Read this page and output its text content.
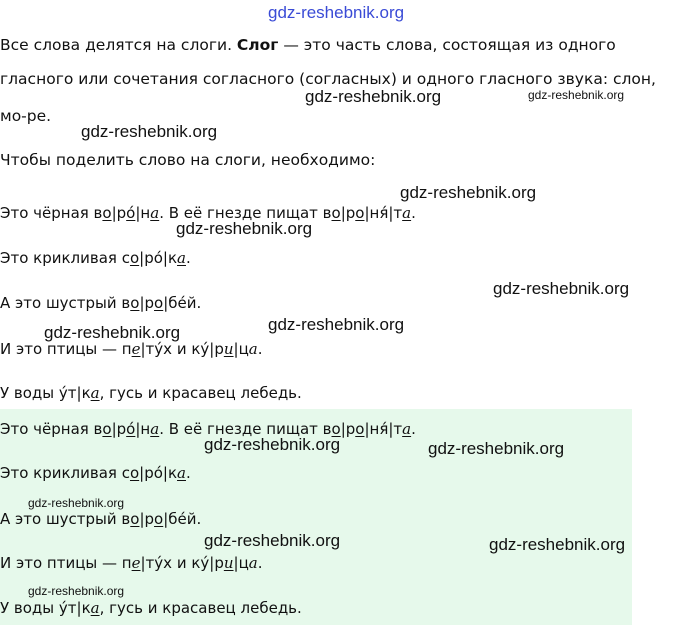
gdz-reshebnik.org
Все слова делятся на слоги. Слог — это часть слова, состоящая из одного
гласного или сочетания согласного (согласных) и одного гласного звука: слон,
мо-ре.
Чтобы поделить слово на слоги, необходимо:
Это чёрная во|ро́|на. В её гнезде пищат во|ро|ня́|та.
Это крикливая со|ро́|ка.
А это шустрый во|ро|бе́й.
И это птицы — пе|ту́х и ку́|ри|ца.
У воды у́т|ка, гусь и красавец лебедь.
Это чёрная во|ро́|на. В её гнезде пищат во|ро|ня́|та.
Это крикливая со|ро́|ка.
А это шустрый во|ро|бе́й.
И это птицы — пе|ту́х и ку́|ри|ца.
У воды у́т|ка, гусь и красавец лебедь.
gdz-reshebnik.org	gdz-reshebnik.org
gdz-reshebnik.org
gdz-reshebnik.org
gdz-reshebnik.org
gdz-reshebnik.org
gdz-reshebnik.org
gdz-reshebnik.org
gdz-reshebnik.org	gdz-reshebnik.org
gdz-reshebnik.org
gdz-reshebnik.org	gdz-reshebnik.org
gdz-reshebnik.org
